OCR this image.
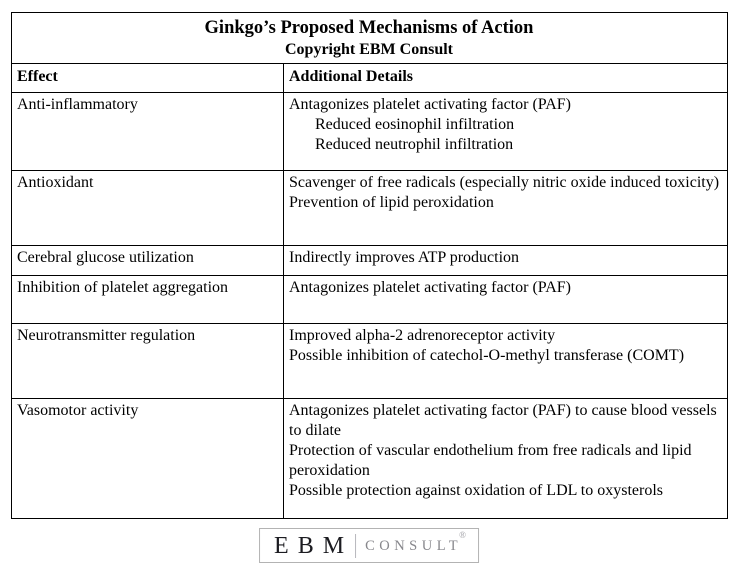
Ginkgo’s Proposed Mechanisms of Action
Copyright EBM Consult	

Effect	Additional Details
Anti-inflammatory	Antagonizes platelet activating factor (PAF)
Reduced eosinophil infiltration
Reduced neutrophil infiltration

Antioxidant	Scavenger of free radicals (especially nitric oxide induced toxicity)
Prevention of lipid peroxidation

Cerebral glucose utilization	Indirectly improves ATP production

Inhibition of platelet aggregation	Antagonizes platelet activating factor (PAF)

Neurotransmitter regulation	Improved alpha-2 adrenoreceptor activity
Possible inhibition of catechol-O-methyl transferase (COMT)

Vasomotor activity	Antagonizes platelet activating factor (PAF) to cause blood vessels to dilate
Protection of vascular endothelium from free radicals and lipid peroxidation
Possible protection against oxidation of LDL to oxysterols
EBM CONSULT
®
